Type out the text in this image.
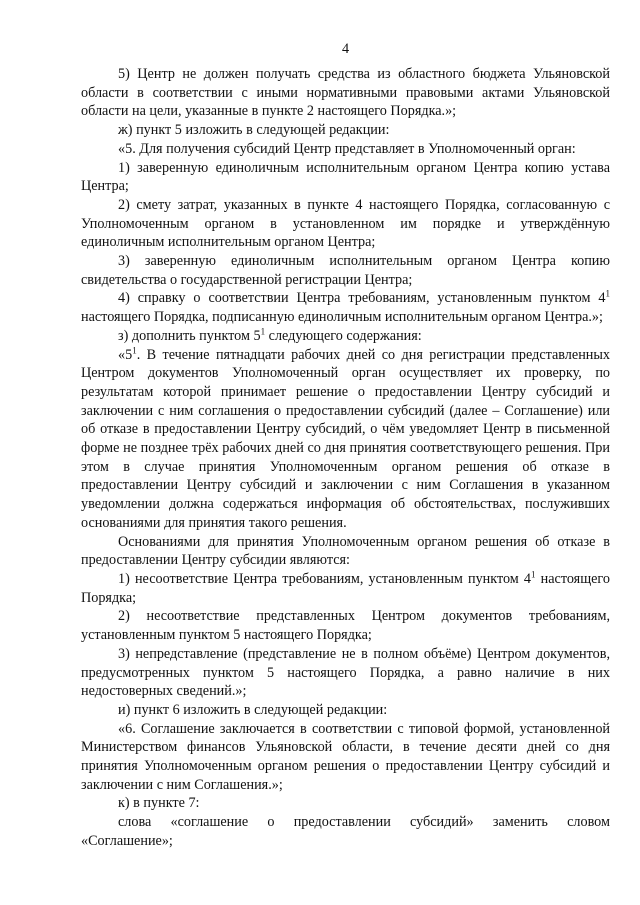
4

5) Центр не должен получать средства из областного бюджета Ульяновской области в соответствии с иными нормативными правовыми актами Ульяновской области на цели, указанные в пункте 2 настоящего Порядка.»;

ж) пункт 5 изложить в следующей редакции:

«5. Для получения субсидий Центр представляет в Уполномоченный орган:

1) заверенную единоличным исполнительным органом Центра копию устава Центра;

2) смету затрат, указанных в пункте 4 настоящего Порядка, согласованную с Уполномоченным органом в установленном им порядке и утверждённую единоличным исполнительным органом Центра;

3) заверенную единоличным исполнительным органом Центра копию свидетельства о государственной регистрации Центра;

4) справку о соответствии Центра требованиям, установленным пунктом $4^1$ настоящего Порядка, подписанную единоличным исполнительным органом Центра.»;

з) дополнить пунктом $5^1$ следующего содержания:

«$5^1$. В течение пятнадцати рабочих дней со дня регистрации представленных Центром документов Уполномоченный орган осуществляет их проверку, по результатам которой принимает решение о предоставлении Центру субсидий и заключении с ним соглашения о предоставлении субсидий (далее – Соглашение) или об отказе в предоставлении Центру субсидий, о чём уведомляет Центр в письменной форме не позднее трёх рабочих дней со дня принятия соответствующего решения. При этом в случае принятия Уполномоченным органом решения об отказе в предоставлении Центру субсидий и заключении с ним Соглашения в указанном уведомлении должна содержаться информация об обстоятельствах, послуживших основаниями для принятия такого решения.

Основаниями для принятия Уполномоченным органом решения об отказе в предоставлении Центру субсидии являются:

1) несоответствие Центра требованиям, установленным пунктом $4^1$ настоящего Порядка;

2) несоответствие представленных Центром документов требованиям, установленным пунктом 5 настоящего Порядка;

3) непредставление (представление не в полном объёме) Центром документов, предусмотренных пунктом 5 настоящего Порядка, а равно наличие в них недостоверных сведений.»;

и) пункт 6 изложить в следующей редакции:

«6. Соглашение заключается в соответствии с типовой формой, установленной Министерством финансов Ульяновской области, в течение десяти дней со дня принятия Уполномоченным органом решения о предоставлении Центру субсидий и заключении с ним Соглашения.»;

к) в пункте 7:

слова «соглашение о предоставлении субсидий» заменить словом «Соглашение»;
